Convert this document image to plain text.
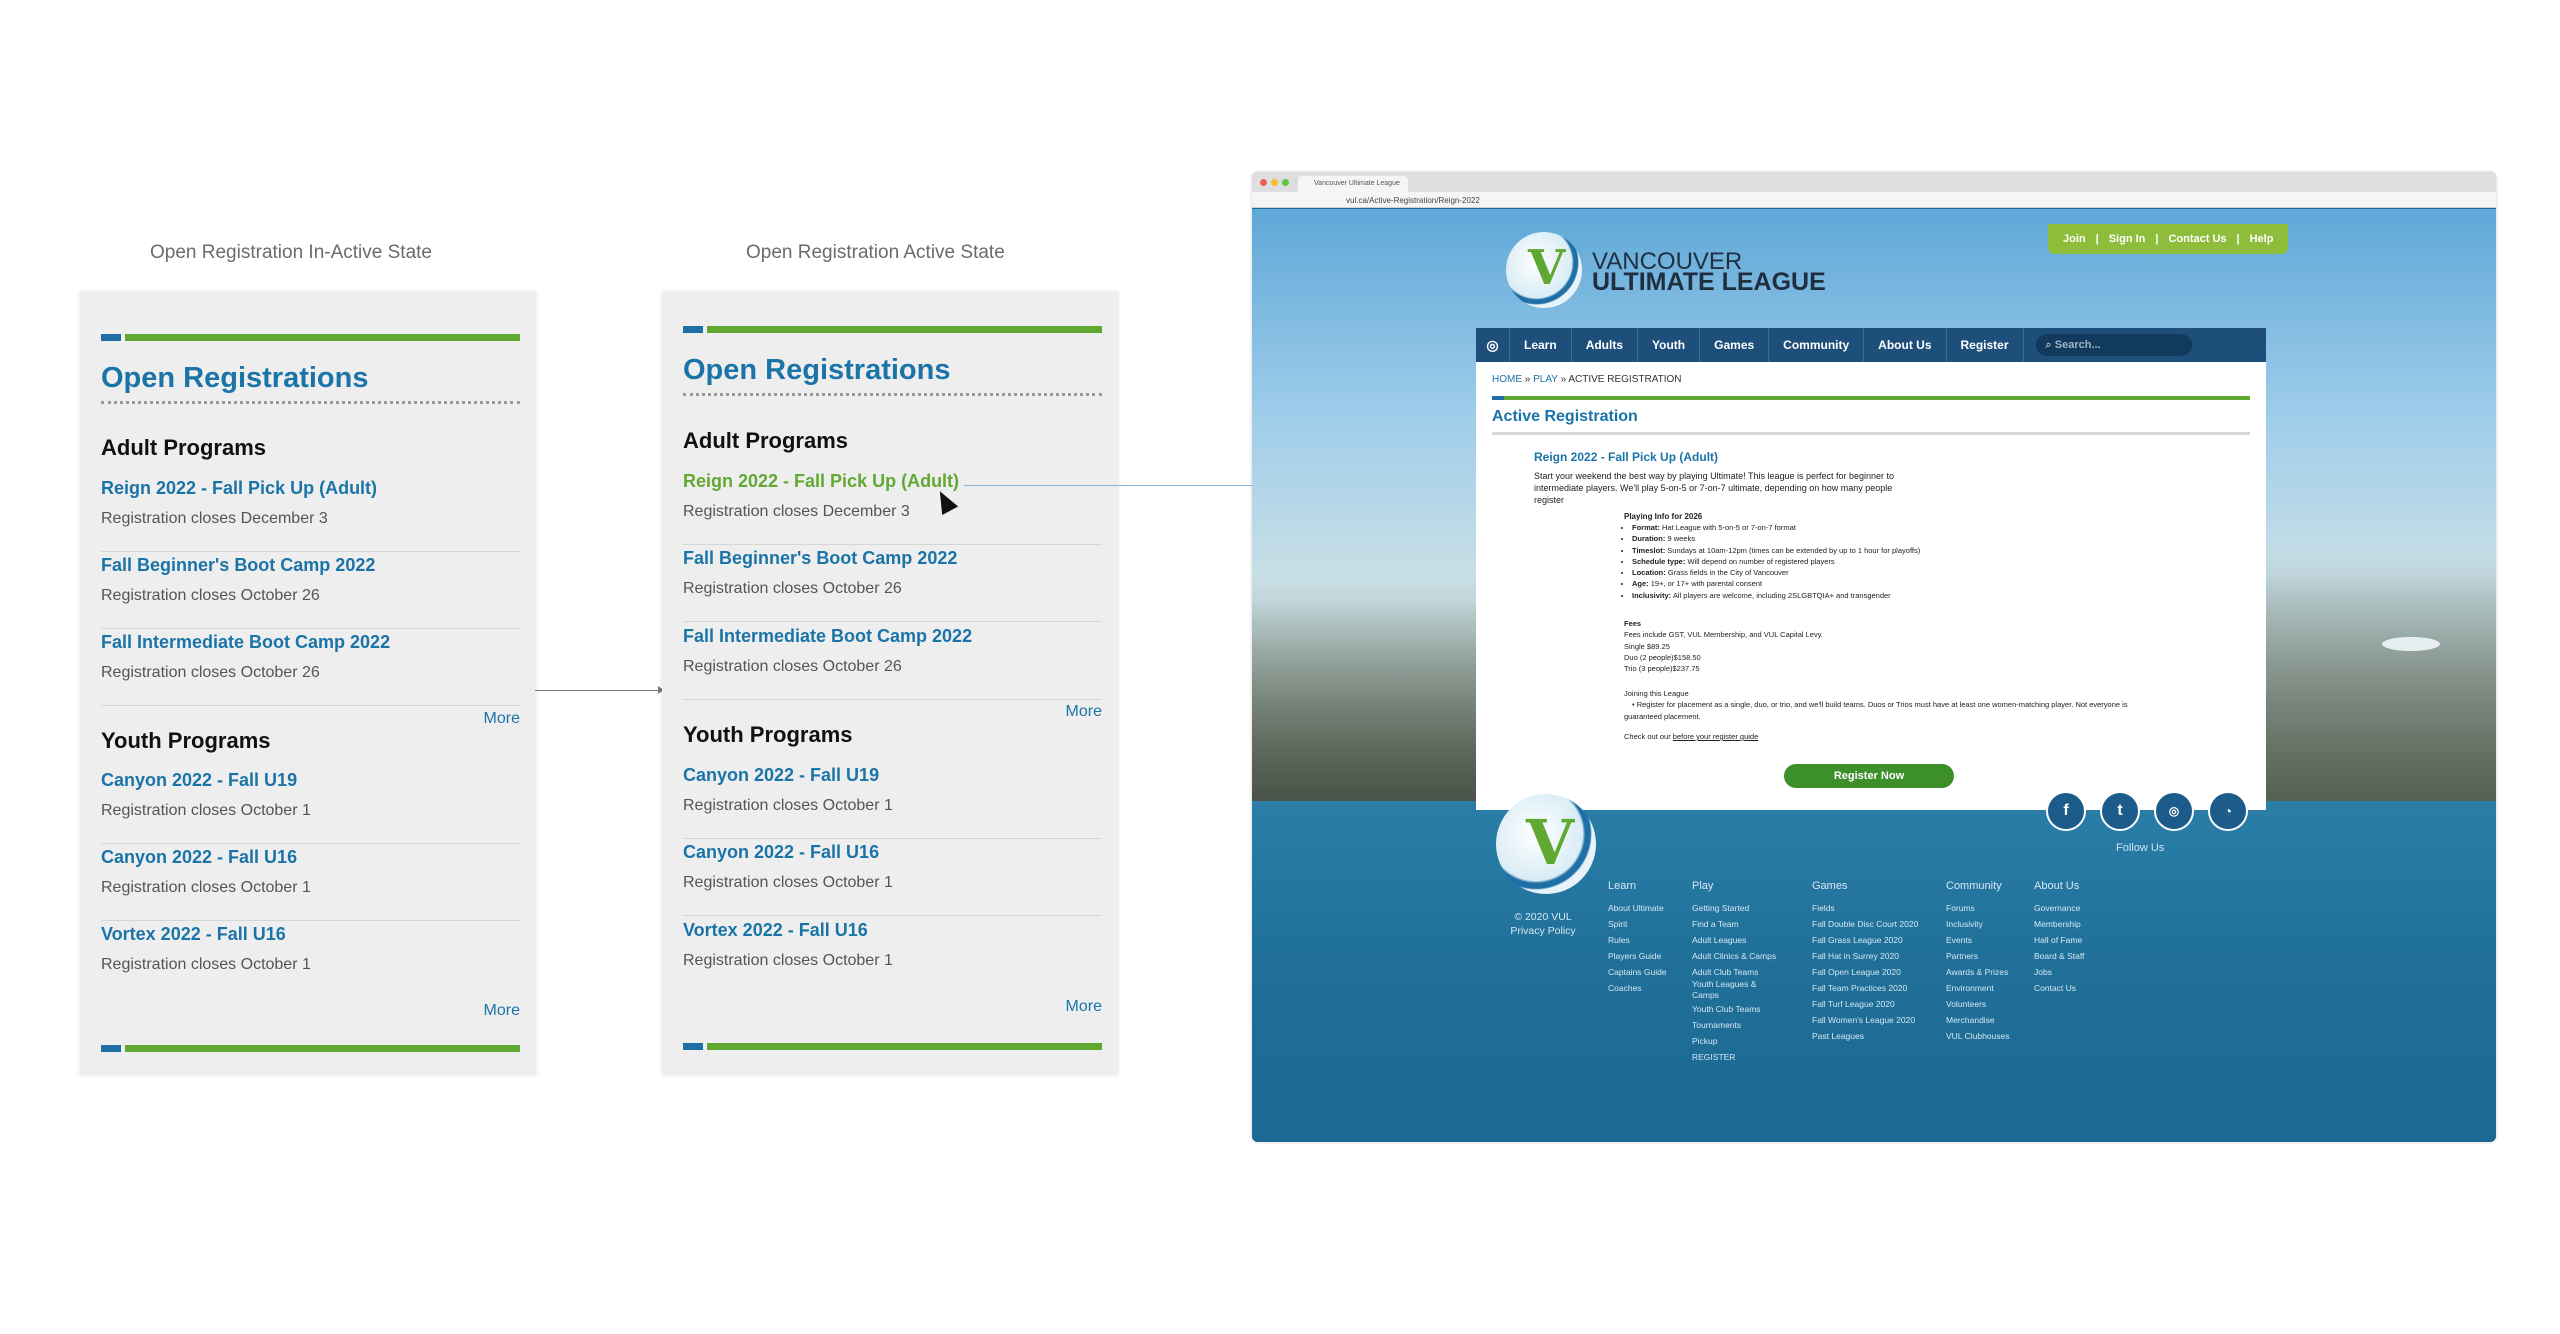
Open Registration In-Active State	Open Registration Active State
Open Registrations
Adult Programs
Reign 2022 - Fall Pick Up (Adult)
Registration closes December 3
Fall Beginner's Boot Camp 2022
Registration closes October 26
Fall Intermediate Boot Camp 2022
Registration closes October 26
More
Youth Programs
Canyon 2022 - Fall U19
Registration closes October 1
Canyon 2022 - Fall U16
Registration closes October 1
Vortex 2022 - Fall U16
Registration closes October 1
More
Open Registrations
Adult Programs
Reign 2022 - Fall Pick Up (Adult)
Registration closes December 3
Fall Beginner's Boot Camp 2022
Registration closes October 26
Fall Intermediate Boot Camp 2022
Registration closes October 26
More
Youth Programs
Canyon 2022 - Fall U19
Registration closes October 1
Canyon 2022 - Fall U16
Registration closes October 1
Vortex 2022 - Fall U16
Registration closes October 1
More
Vancouver Ultimate League
vul.ca/Active-Registration/Reign-2022
V VANCOUVER
ULTIMATE LEAGUE
Join | Sign In | Contact Us | Help
◎	Learn	Adults	Youth	Games	Community	About Us	Register	⌕ Search...
HOME » PLAY » ACTIVE REGISTRATION
Active Registration
Reign 2022 - Fall Pick Up (Adult)
Start your weekend the best way by playing Ultimate! This league is perfect for beginner to intermediate players. We'll play 5-on-5 or 7-on-7 ultimate, depending on how many people register
Playing Info for 2026
• Format: Hat League with 5-on-5 or 7-on-7 format
• Duration: 9 weeks
• Timeslot: Sundays at 10am-12pm (times can be extended by up to 1 hour for playoffs)
• Schedule type: Will depend on number of registered players
• Location: Grass fields in the City of Vancouver
• Age: 19+, or 17+ with parental consent
• Inclusivity: All players are welcome, including 2SLGBTQIA+ and transgender
Fees
Fees include GST, VUL Membership, and VUL Capital Levy.
Single $89.25
Duo (2 people)$158.50
Trio (3 people)$237.75
Joining this League
• Register for placement as a single, duo, or trio, and we'll build teams. Duos or Trios must have at least one women-matching player. Not everyone is guaranteed placement.
Check out our before your register guide
Register Now
V	f	t	◎	◔
Follow Us
© 2020 VUL
Privacy Policy
Learn
About Ultimate
Spirit
Rules
Players Guide
Captains Guide
Coaches
Play
Getting Started
Find a Team
Adult Leagues
Adult Clinics & Camps
Adult Club Teams
Youth Leagues &
Camps
Youth Club Teams
Tournaments
Pickup
REGISTER
Games
Fields
Fall Double Disc Court 2020
Fall Grass League 2020
Fall Hat in Surrey 2020
Fall Open League 2020
Fall Team Practices 2020
Fall Turf League 2020
Fall Women's League 2020
Past Leagues
Community
Forums
Inclusivity
Events
Partners
Awards & Prizes
Environment
Volunteers
Merchandise
VUL Clubhouses
About Us
Governance
Membership
Hall of Fame
Board & Staff
Jobs
Contact Us
